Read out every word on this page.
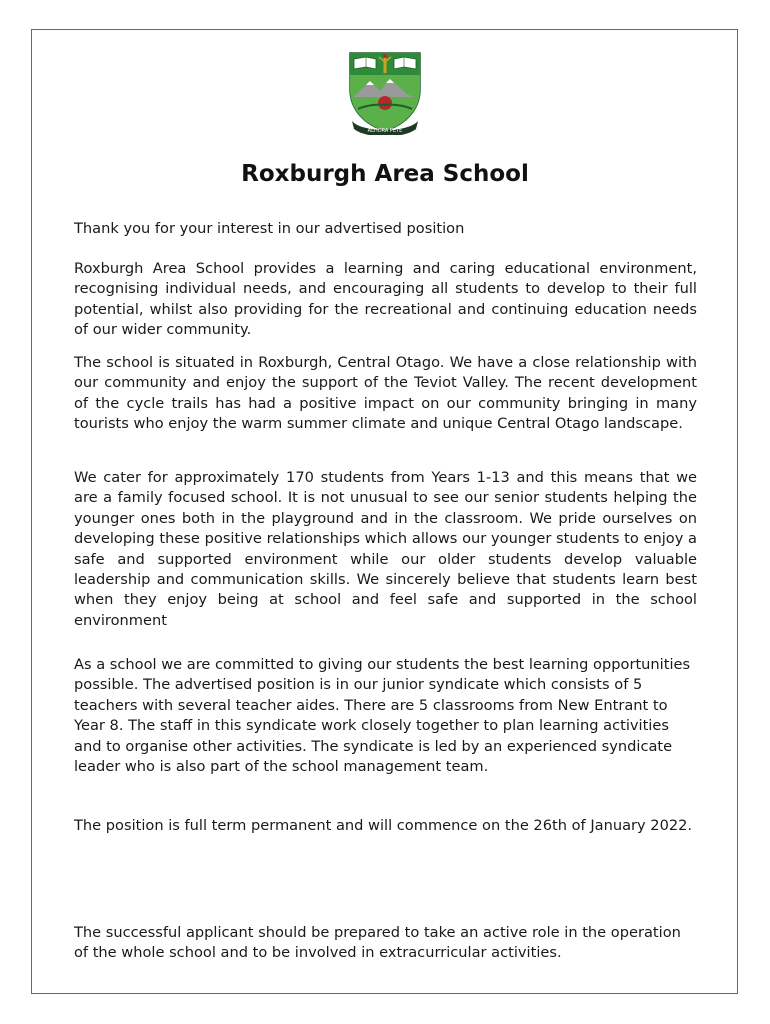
ALTIORA PETE
Roxburgh Area School

Thank you for your interest in our advertised position

Roxburgh Area School provides a learning and caring educational environment, recognising individual needs, and encouraging all students to develop to their full potential, whilst also providing for the recreational and continuing education needs of our wider community.

The school is situated in Roxburgh, Central Otago. We have a close relationship with our community and enjoy the support of the Teviot Valley. The recent development of the cycle trails has had a positive impact on our community bringing in many tourists who enjoy the warm summer climate and unique Central Otago landscape.

We cater for approximately 170 students from Years 1-13 and this means that we are a family focused school. It is not unusual to see our senior students helping the younger ones both in the playground and in the classroom. We pride ourselves on developing these positive relationships which allows our younger students to enjoy a safe and supported environment while our older students develop valuable leadership and communication skills. We sincerely believe that students learn best when they enjoy being at school and feel safe and supported in the school environment

As a school we are committed to giving our students the best learning opportunities possible. The advertised position is in our junior syndicate which consists of 5 teachers with several teacher aides. There are 5 classrooms from New Entrant to Year 8. The staff in this syndicate work closely together to plan learning activities and to organise other activities. The syndicate is led by an experienced syndicate leader who is also part of the school management team.

The position is full term permanent and will commence on the 26th of January 2022.

The successful applicant should be prepared to take an active role in the operation of the whole school and to be involved in extracurricular activities.
